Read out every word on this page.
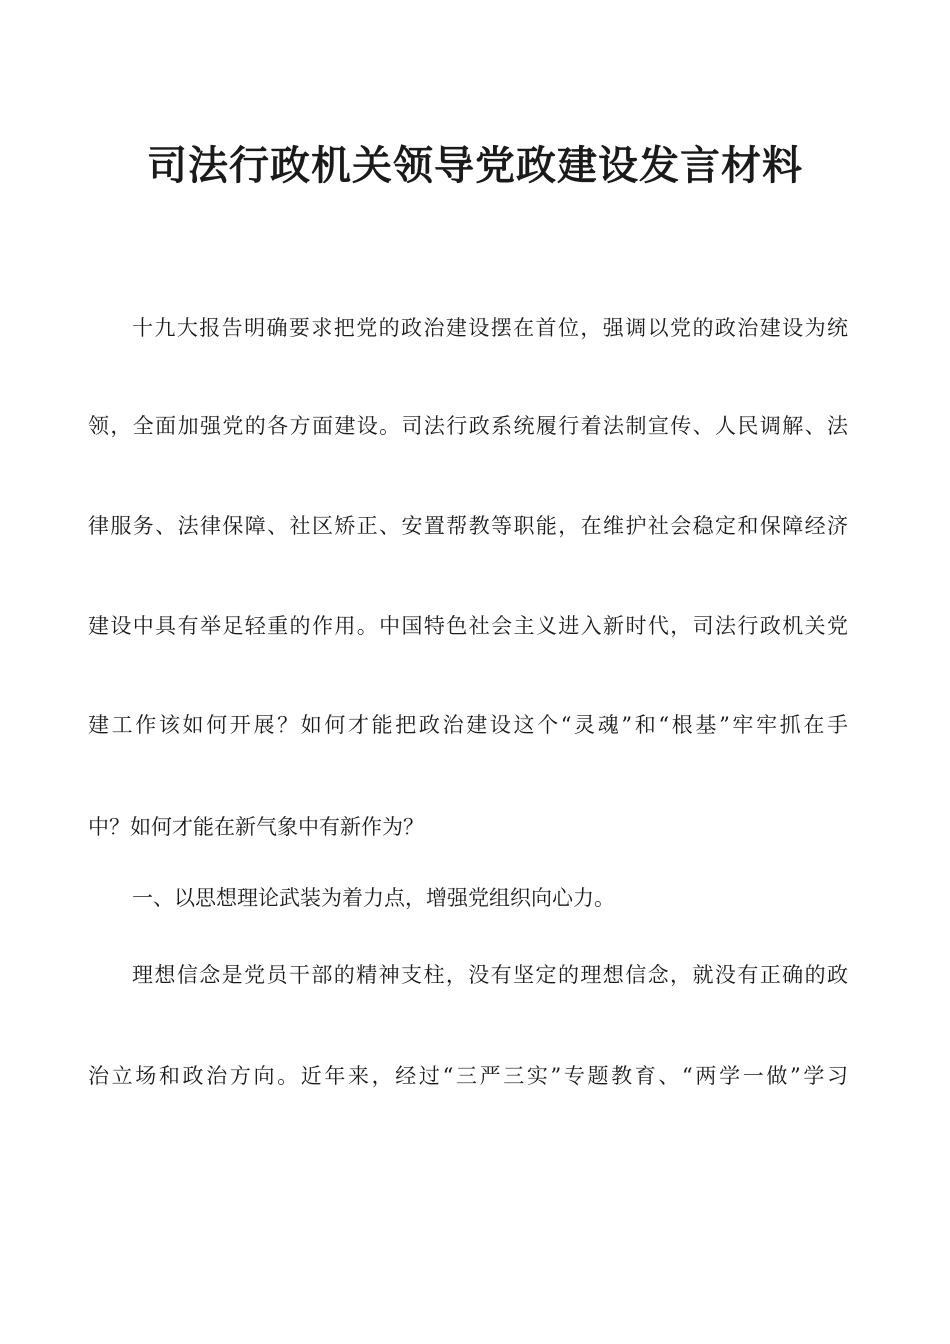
司法行政机关领导党政建设发言材料

十九大报告明确要求把党的政治建设摆在首位，强调以党的政治建设为统

领，全面加强党的各方面建设。司法行政系统履行着法制宣传、人民调解、法

律服务、法律保障、社区矫正、安置帮教等职能，在维护社会稳定和保障经济

建设中具有举足轻重的作用。中国特色社会主义进入新时代，司法行政机关党

建工作该如何开展？如何才能把政治建设这个“灵魂”和“根基”牢牢抓在手

中？如何才能在新气象中有新作为？

一、以思想理论武装为着力点，增强党组织向心力。

理想信念是党员干部的精神支柱，没有坚定的理想信念，就没有正确的政

治立场和政治方向。近年来，经过“三严三实”专题教育、“两学一做”学习
